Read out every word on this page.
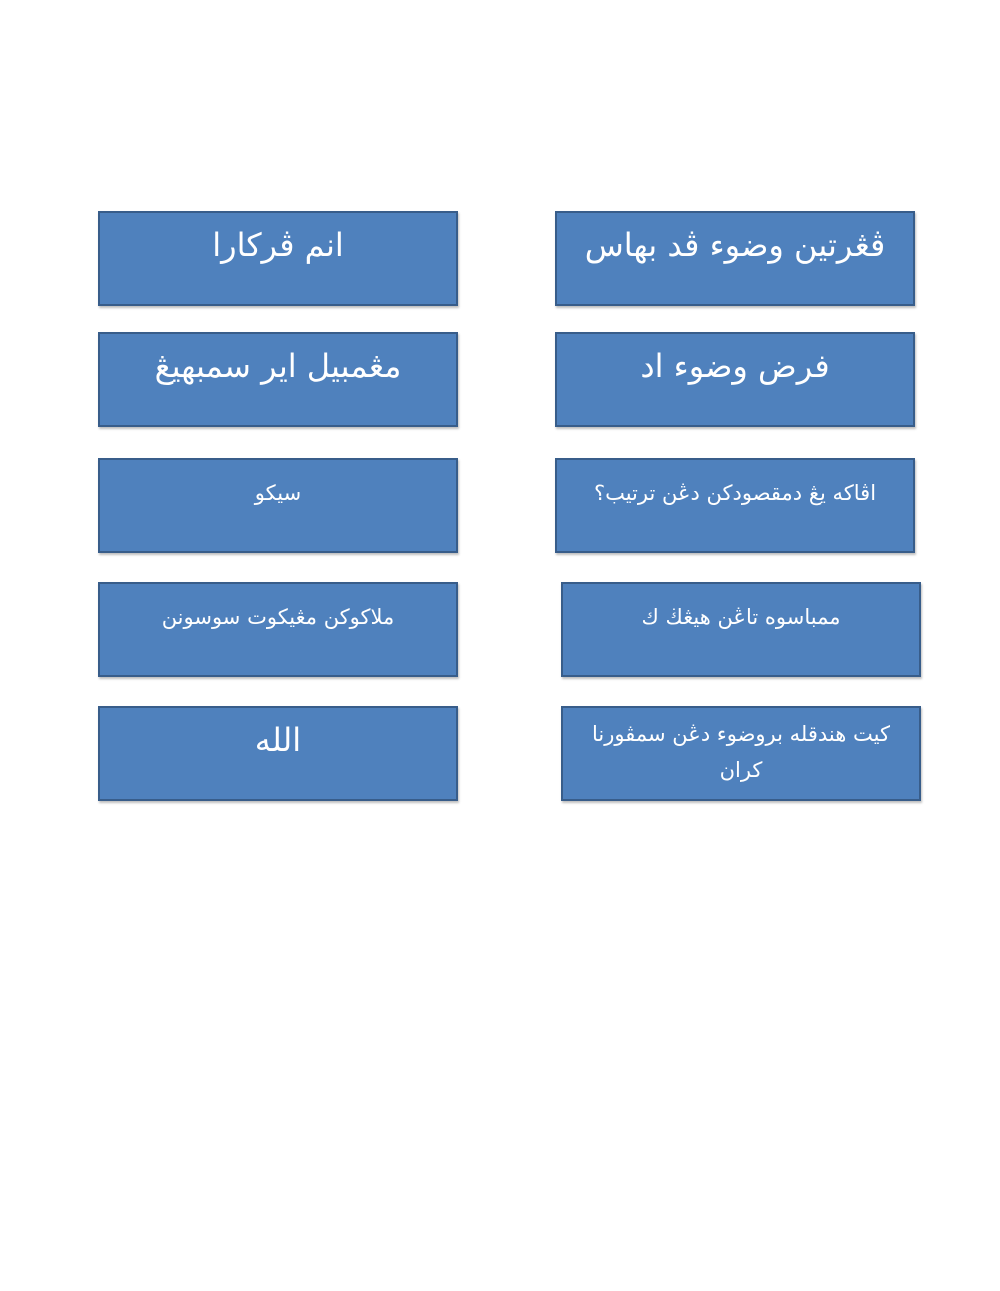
ڤڠرتين وضوء ڤد بهاس
انم ڤركارا
فرض وضوء اد
مڠمبيل اير سمبهيڠ
اڤاكه يڠ دمقصودكن دڠن ترتيب؟
سيكو
ممباسوه تاڠن هيڠڬ ك
ملاكوكن مڠيكوت سوسونن
كيت هندقله بروضوء دڠن سمڤورنا كران
الله
